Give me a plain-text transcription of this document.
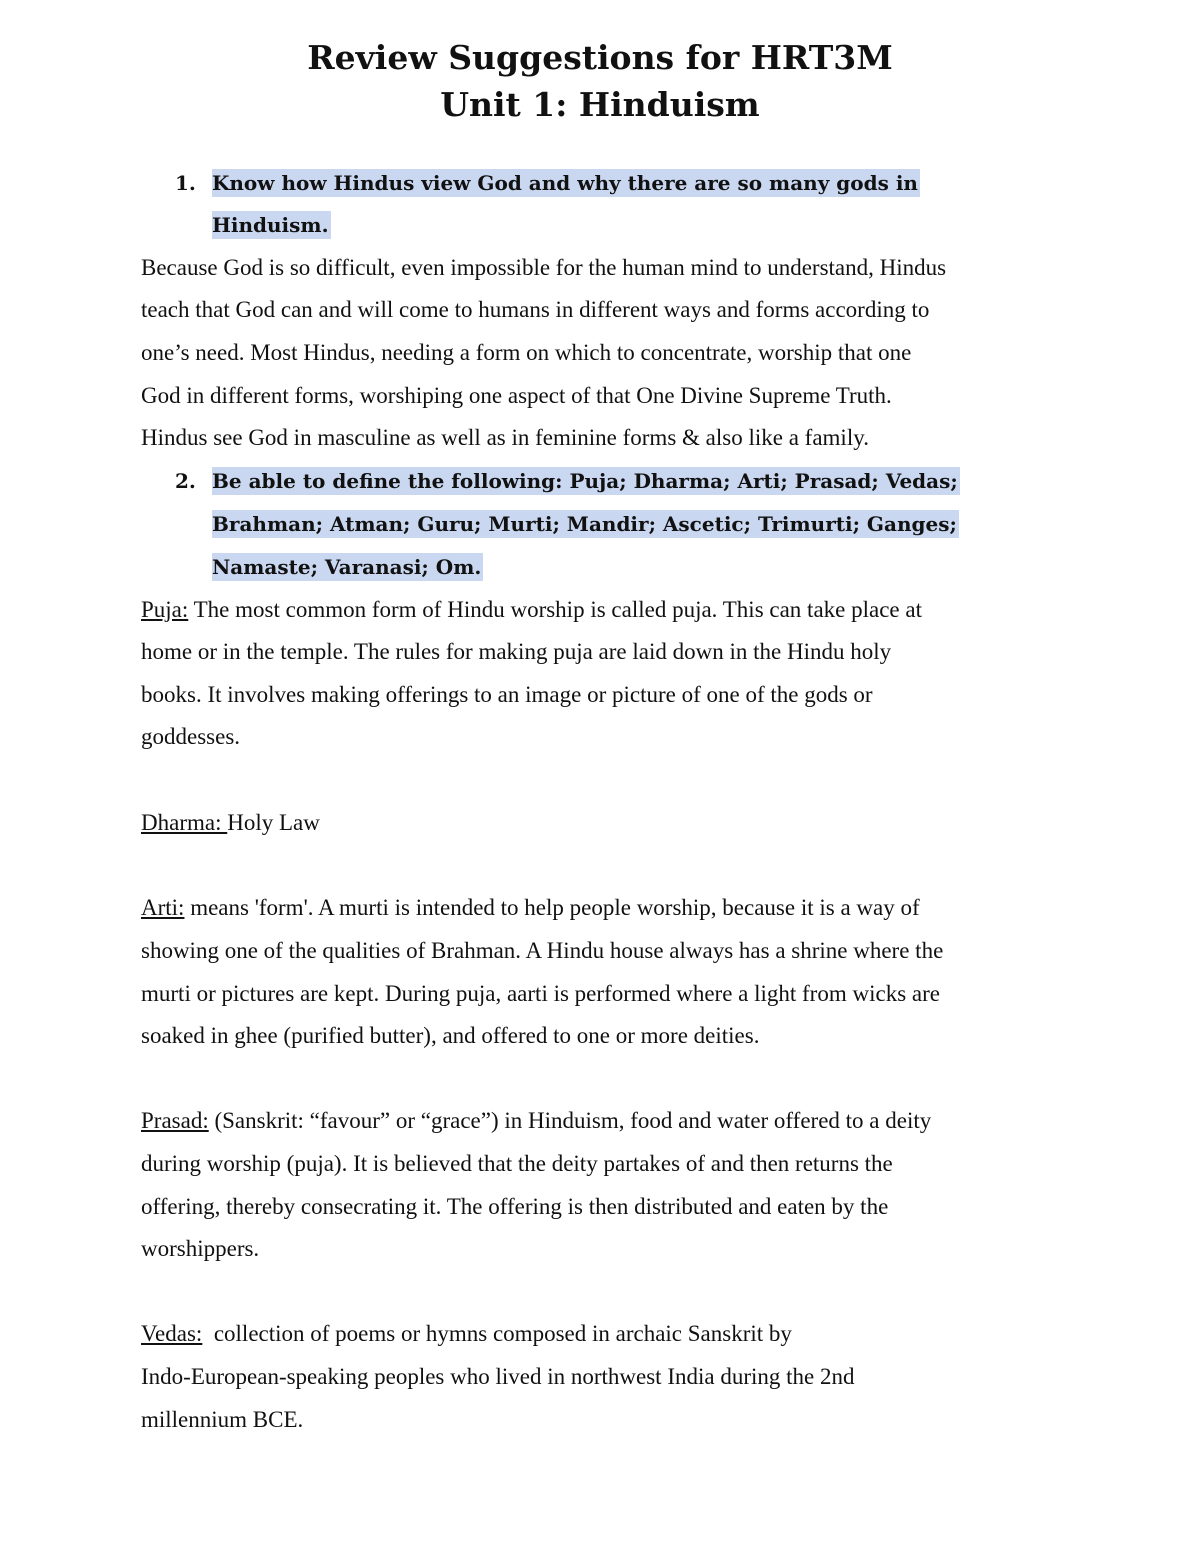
Review Suggestions for HRT3M
Unit 1: Hinduism
1. Know how Hindus view God and why there are so many gods in
Hinduism.
Because God is so difficult, even impossible for the human mind to understand, Hindus
teach that God can and will come to humans in different ways and forms according to
one’s need. Most Hindus, needing a form on which to concentrate, worship that one
God in different forms, worshiping one aspect of that One Divine Supreme Truth.
Hindus see God in masculine as well as in feminine forms & also like a family.
2. Be able to define the following: Puja; Dharma; Arti; Prasad; Vedas;
Brahman; Atman; Guru; Murti; Mandir; Ascetic; Trimurti; Ganges;
Namaste; Varanasi; Om.
Puja: The most common form of Hindu worship is called puja. This can take place at
home or in the temple. The rules for making puja are laid down in the Hindu holy
books. It involves making offerings to an image or picture of one of the gods or
goddesses.
Dharma: Holy Law
Arti: means 'form'. A murti is intended to help people worship, because it is a way of
showing one of the qualities of Brahman. A Hindu house always has a shrine where the
murti or pictures are kept. During puja, aarti is performed where a light from wicks are
soaked in ghee (purified butter), and offered to one or more deities.
Prasad: (Sanskrit: “favour” or “grace”) in Hinduism, food and water offered to a deity
during worship (puja). It is believed that the deity partakes of and then returns the
offering, thereby consecrating it. The offering is then distributed and eaten by the
worshippers.
Vedas:  collection of poems or hymns composed in archaic Sanskrit by
Indo-European-speaking peoples who lived in northwest India during the 2nd
millennium BCE.
